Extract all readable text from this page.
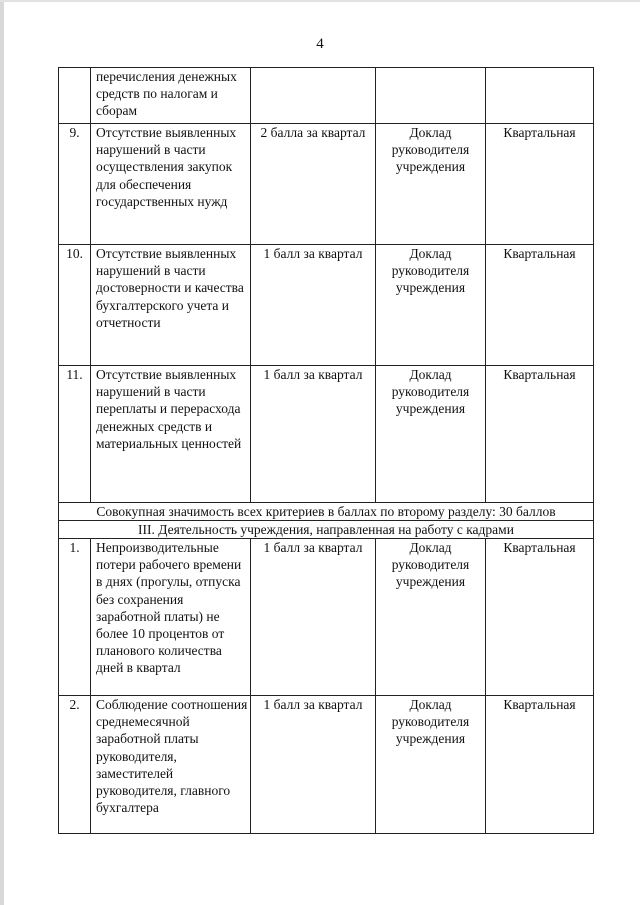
4
	перечисления денежных средств по налогам и сборам			
9.	Отсутствие выявленных нарушений в части осуществления закупок для обеспечения государственных нужд	2 балла за квартал	Доклад руководителя учреждения	Квартальная
10.	Отсутствие выявленных нарушений в части достоверности и качества бухгалтерского учета и отчетности	1 балл за квартал	Доклад руководителя учреждения	Квартальная
11.	Отсутствие выявленных нарушений в части переплаты и перерасхода денежных средств и материальных ценностей	1 балл за квартал	Доклад руководителя учреждения	Квартальная
Совокупная значимость всех критериев в баллах по второму разделу: 30 баллов				
III. Деятельность учреждения, направленная на работу с кадрами				
1.	Непроизводительные потери рабочего времени в днях (прогулы, отпуска без сохранения заработной платы) не более 10 процентов от планового количества дней в квартал	1 балл за квартал	Доклад руководителя учреждения	Квартальная
2.	Соблюдение соотношения среднемесячной заработной платы руководителя, заместителей руководителя, главного бухгалтера	1 балл за квартал	Доклад руководителя учреждения	Квартальная
